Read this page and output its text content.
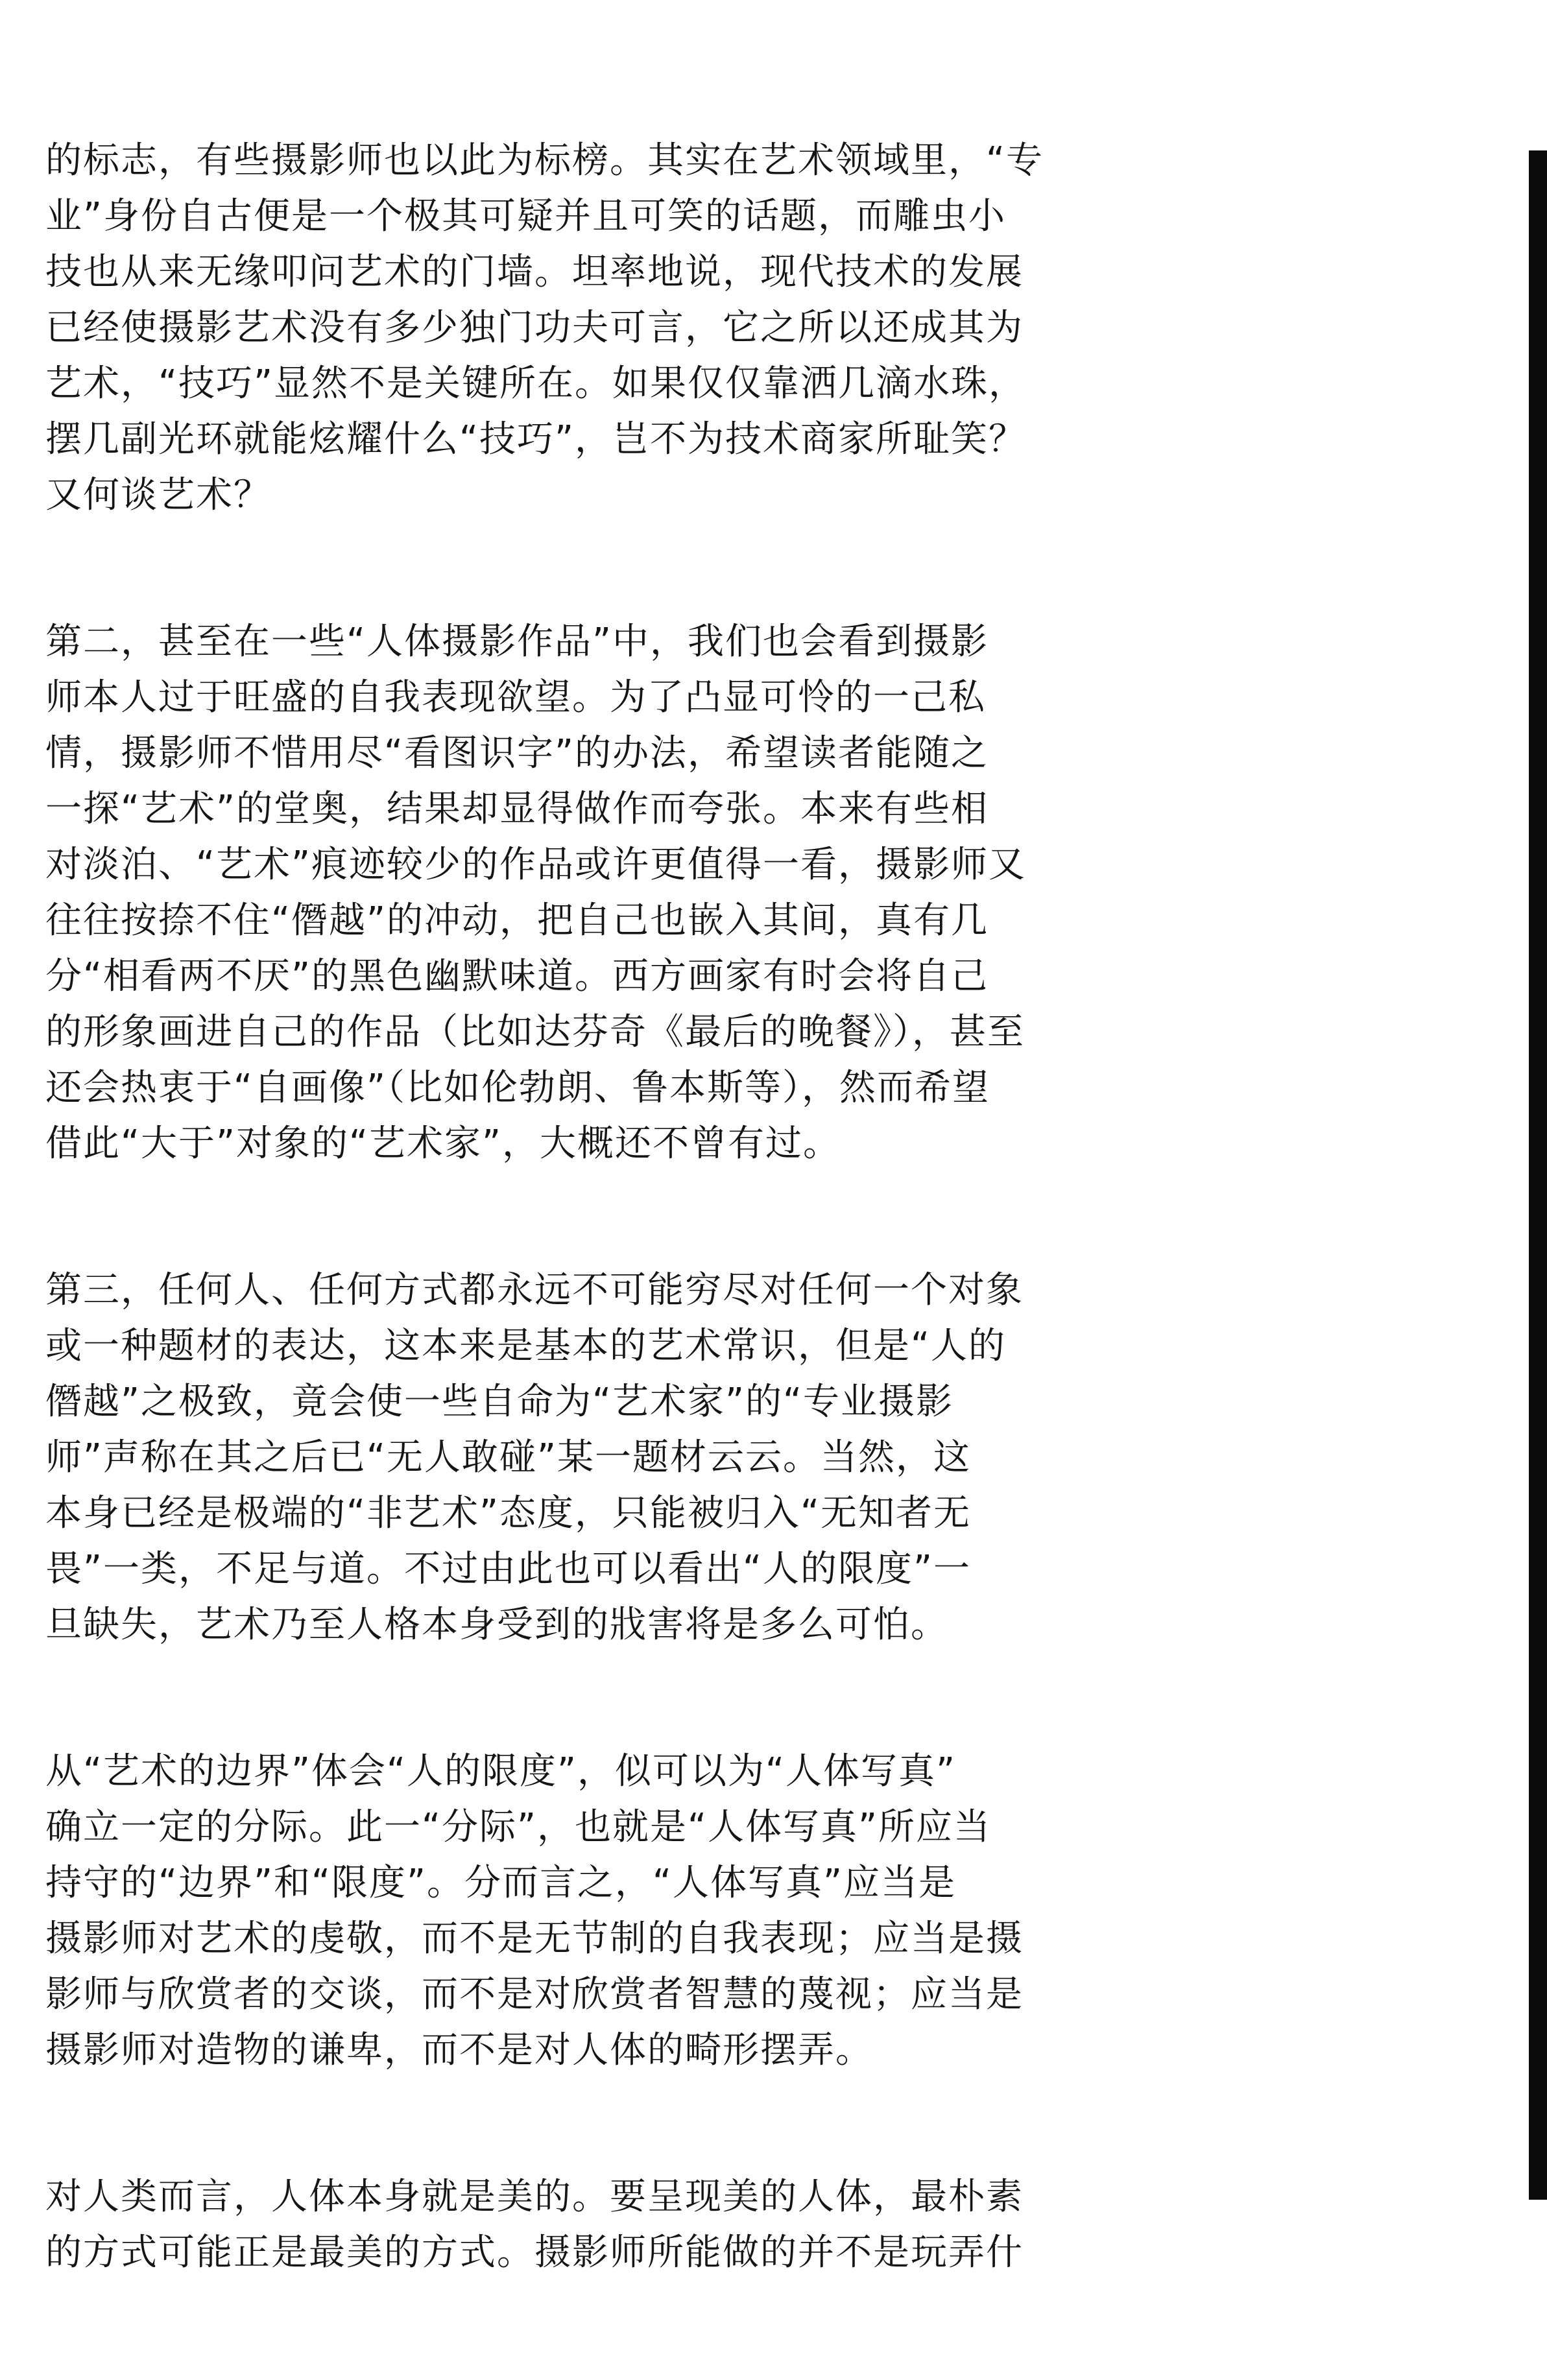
的标志，有些摄影师也以此为标榜。其实在艺术领域里，“专
业”身份自古便是一个极其可疑并且可笑的话题，而雕虫小
技也从来无缘叩问艺术的门墙。坦率地说，现代技术的发展
已经使摄影艺术没有多少独门功夫可言，它之所以还成其为
艺术，“技巧”显然不是关键所在。如果仅仅靠洒几滴水珠，
摆几副光环就能炫耀什么“技巧”，岂不为技术商家所耻笑？
又何谈艺术？

第二，甚至在一些“人体摄影作品”中，我们也会看到摄影
师本人过于旺盛的自我表现欲望。为了凸显可怜的一己私
情，摄影师不惜用尽“看图识字”的办法，希望读者能随之
一探“艺术”的堂奥，结果却显得做作而夸张。本来有些相
对淡泊、“艺术”痕迹较少的作品或许更值得一看，摄影师又
往往按捺不住“僭越”的冲动，把自己也嵌入其间，真有几
分“相看两不厌”的黑色幽默味道。西方画家有时会将自己
的形象画进自己的作品（比如达芬奇《最后的晚餐》），甚至
还会热衷于“自画像”（比如伦勃朗、鲁本斯等），然而希望
借此“大于”对象的“艺术家”，大概还不曾有过。

第三，任何人、任何方式都永远不可能穷尽对任何一个对象
或一种题材的表达，这本来是基本的艺术常识，但是“人的
僭越”之极致，竟会使一些自命为“艺术家”的“专业摄影
师”声称在其之后已“无人敢碰”某一题材云云。当然，这
本身已经是极端的“非艺术”态度，只能被归入“无知者无
畏”一类，不足与道。不过由此也可以看出“人的限度”一
旦缺失，艺术乃至人格本身受到的戕害将是多么可怕。

从“艺术的边界”体会“人的限度”，似可以为“人体写真”
确立一定的分际。此一“分际”，也就是“人体写真”所应当
持守的“边界”和“限度”。分而言之，“人体写真”应当是
摄影师对艺术的虔敬，而不是无节制的自我表现；应当是摄
影师与欣赏者的交谈，而不是对欣赏者智慧的蔑视；应当是
摄影师对造物的谦卑，而不是对人体的畸形摆弄。

对人类而言，人体本身就是美的。要呈现美的人体，最朴素
的方式可能正是最美的方式。摄影师所能做的并不是玩弄什
